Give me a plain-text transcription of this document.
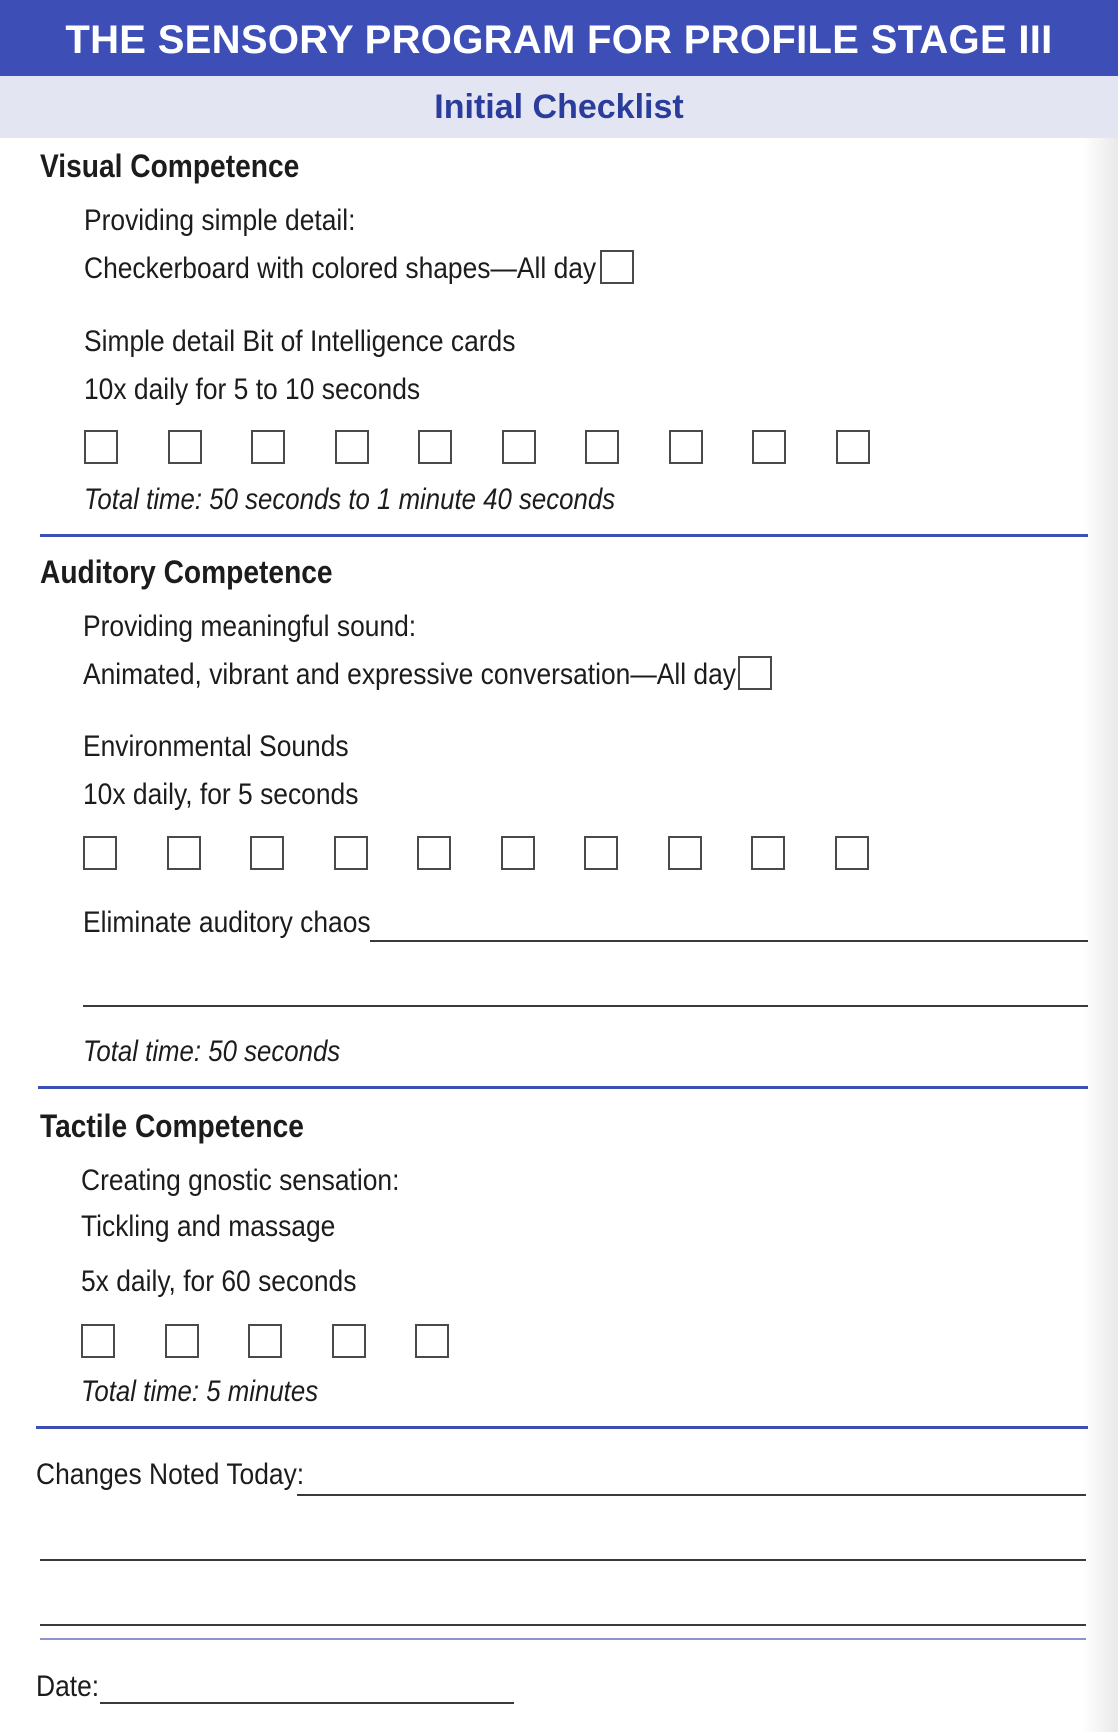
THE SENSORY PROGRAM FOR PROFILE STAGE III
Initial Checklist
Visual Competence
Providing simple detail:
Checkerboard with colored shapes—All day
Simple detail Bit of Intelligence cards
10x daily for 5 to 10 seconds
Total time: 50 seconds to 1 minute 40 seconds
Auditory Competence
Providing meaningful sound:
Animated, vibrant and expressive conversation—All day
Environmental Sounds
10x daily, for 5 seconds
Eliminate auditory chaos
Total time: 50 seconds
Tactile Competence
Creating gnostic sensation:
Tickling and massage
5x daily, for 60 seconds
Total time: 5 minutes
Changes Noted Today:
Date:
